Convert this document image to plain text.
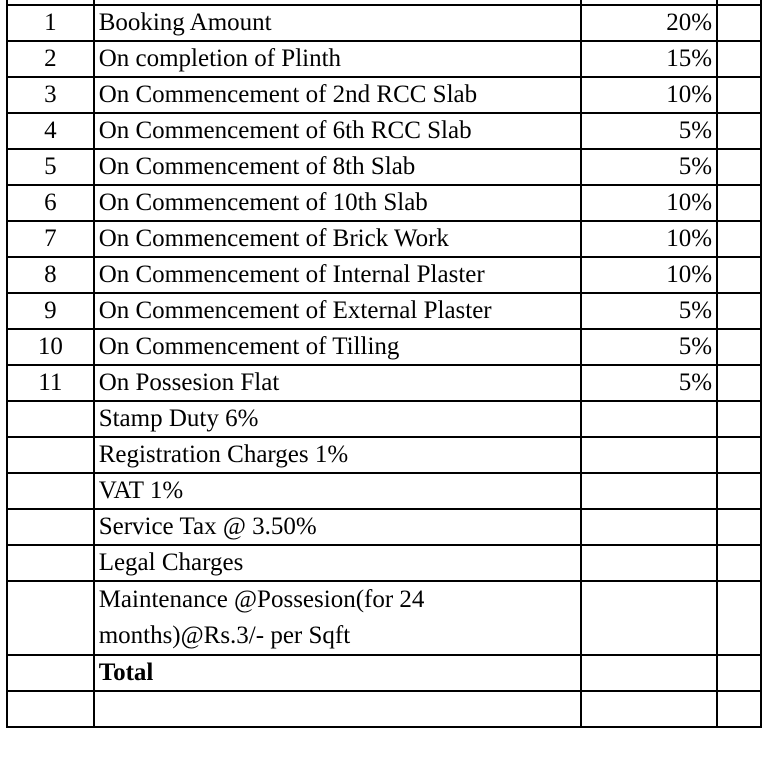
1	Booking Amount	20%	
2	On completion of Plinth	15%	
3	On Commencement of 2nd RCC Slab	10%	
4	On Commencement of 6th RCC Slab	5%	
5	On Commencement of 8th Slab	5%	
6	On Commencement of 10th Slab	10%	
7	On Commencement of Brick Work	10%	
8	On Commencement of Internal Plaster	10%	
9	On Commencement of External Plaster	5%	
10	On Commencement of Tilling	5%	
11	On Possesion Flat	5%	
	Stamp Duty 6%		
	Registration Charges 1%		
	VAT 1%		
	Service Tax @ 3.50%		
	Legal Charges		
	Maintenance @Possesion(for 24 months)@Rs.3/- per Sqft		
	Total		
